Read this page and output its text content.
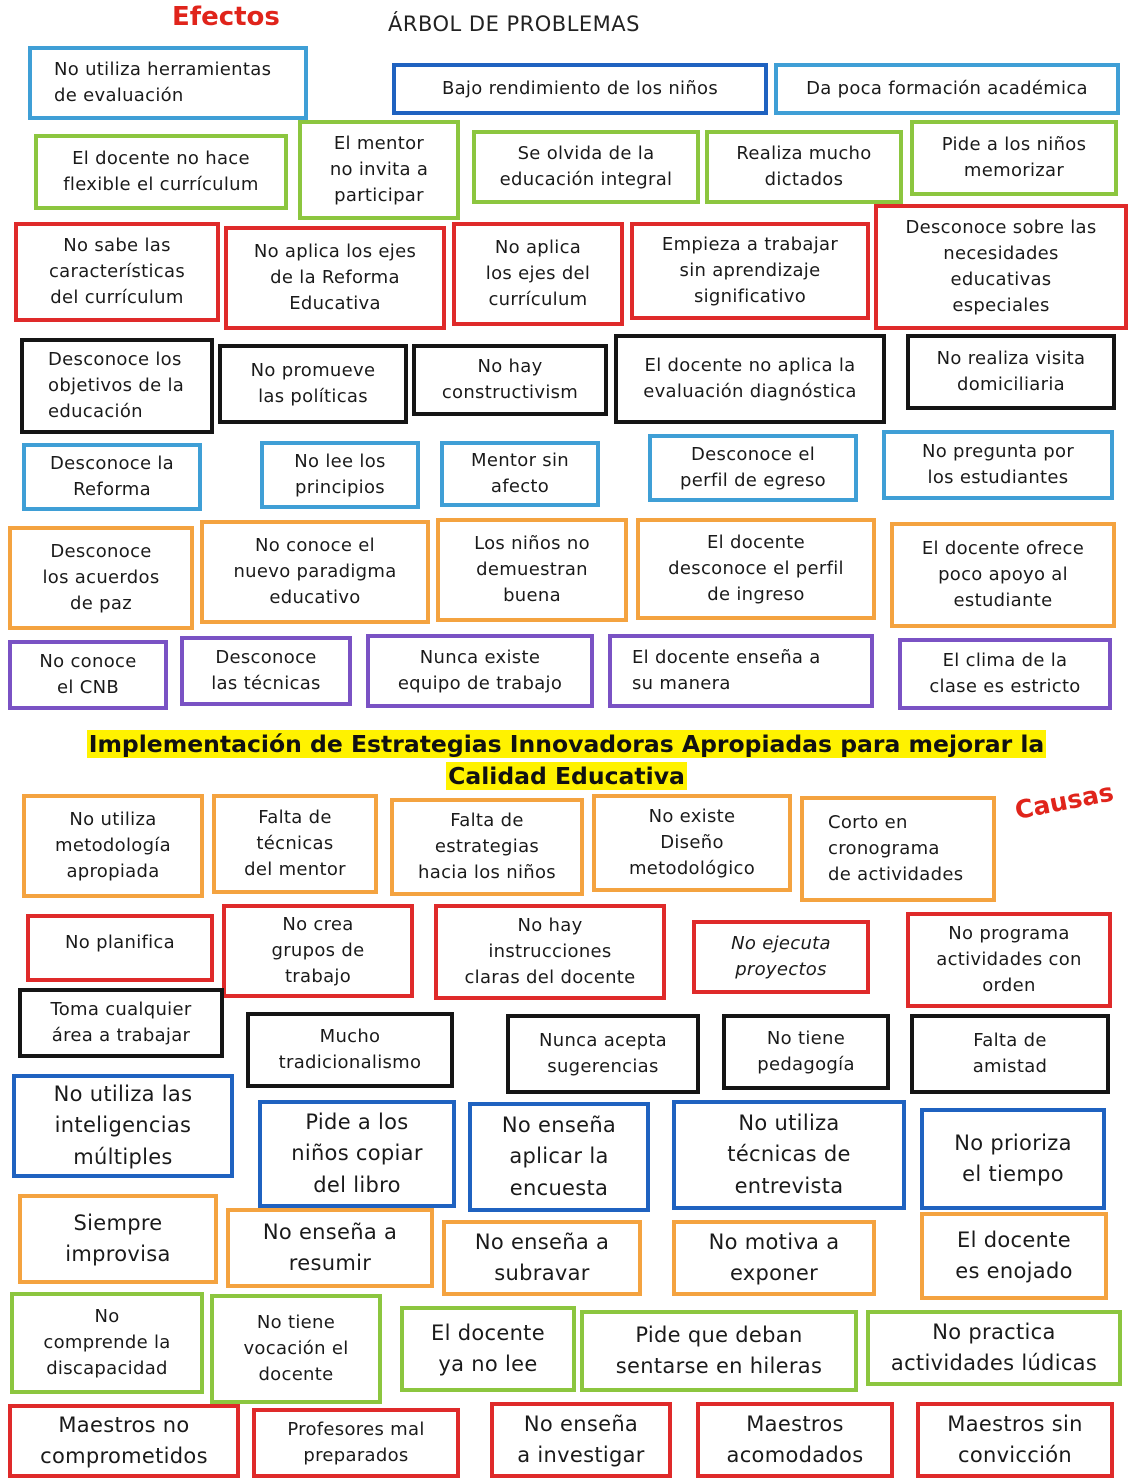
Efectos	ÁRBOL DE PROBLEMAS
No utiliza herramientas
de evaluación	Bajo rendimiento de los niños	Da poca formación académica
El docente no hace
flexible el currículum
El mentor
no invita a
participar
Se olvida de la
educación integral
Realiza mucho
dictados
Pide a los niños
memorizar
No sabe las
características
del currículum
No aplica los ejes
de la Reforma
Educativa
No aplica
los ejes del
currículum
Empieza a trabajar
sin aprendizaje
significativo
Desconoce sobre las
necesidades
educativas
especiales
Desconoce los
objetivos de la
educación
No promueve
las políticas
No hay
constructivism
El docente no aplica la
evaluación diagnóstica
No realiza visita
domiciliaria
Desconoce la
Reforma
No lee los
principios
Mentor sin
afecto
Desconoce el
perfil de egreso
No pregunta por
los estudiantes
Desconoce
los acuerdos
de paz
No conoce el
nuevo paradigma
educativo
Los niños no
demuestran
buena
El docente
desconoce el perfil
de ingreso
El docente ofrece
poco apoyo al
estudiante
No conoce
el CNB
Desconoce
las técnicas
Nunca existe
equipo de trabajo
El docente enseña a
su manera
El clima de la
clase es estricto
Implementación de Estrategias Innovadoras Apropiadas para mejorar la
Calidad Educativa
Causas
No utiliza
metodología
apropiada
Falta de
técnicas
del mentor
Falta de
estrategias
hacia los niños
No existe
Diseño
metodológico
Corto en
cronograma
de actividades
No planifica
No crea
grupos de
trabajo
No hay
instrucciones
claras del docente
No ejecuta
proyectos
No programa
actividades con
orden
Toma cualquier
área a trabajar	Mucho
tradicionalismo
Nunca acepta
sugerencias
No tiene
pedagogía
Falta de
amistad
No utiliza las
inteligencias
múltiples
Pide a los
niños copiar
del libro
No enseña
aplicar la
encuesta
No utiliza
técnicas de
entrevista
No prioriza
el tiempo
Siempre
improvisa
No enseña a
resumir
No enseña a
subravar
No motiva a
exponer
El docente
es enojado
No
comprende la
discapacidad
No tiene
vocación el
docente
El docente
ya no lee
Pide que deban
sentarse en hileras
No practica
actividades lúdicas
Maestros no
comprometidos
Profesores mal
preparados
No enseña
a investigar
Maestros
acomodados
Maestros sin
convicción
